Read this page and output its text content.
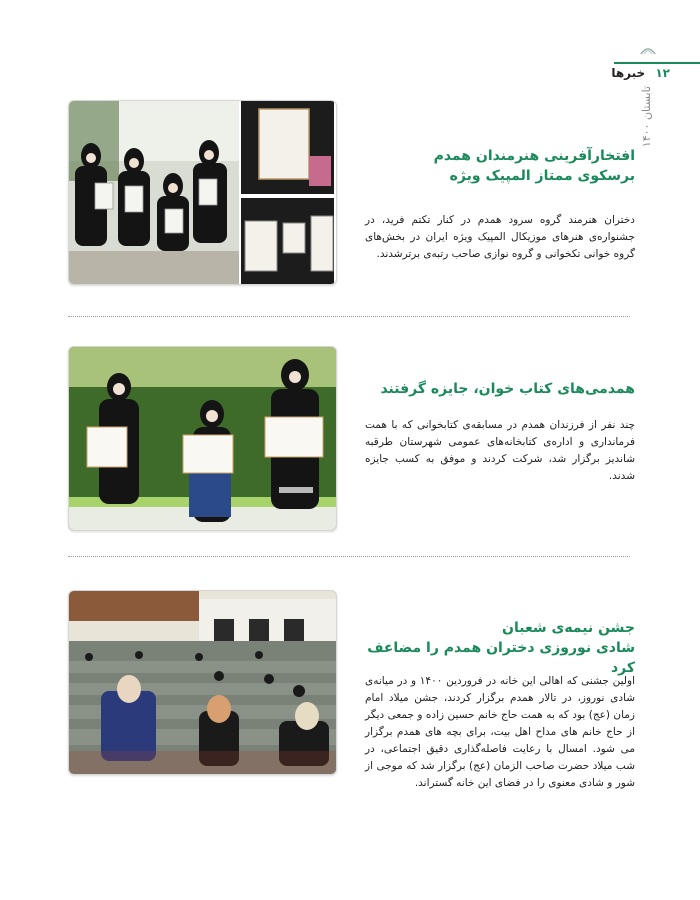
۱۲ خبرها
تابستان ۱۴۰۰
افتخارآفرینی هنرمندان همدم
برسکوی ممتاز المپیک ویژه
دختران هنرمند گروه سرود همدم در کنار تکتم فرید، در جشنواره‌ی هنرهای موزیکال المپیک ویژه ایران در بخش‌های گروه خوانی تکخوانی و گروه نوازی صاحب رتبه‌ی برترشدند.
همدمی‌های کتاب خوان، جایزه گرفتند
چند نفر از فرزندان همدم در مسابقه‌ی کتابخوانی که با همت فرمانداری و اداره‌ی کتابخانه‌های عمومی شهرستان طرقبه شاندیز برگزار شد، شرکت کردند و موفق به کسب جایزه شدند.
جشن نیمه‌ی شعبان
شادی نوروزی دختران همدم را مضاعف کرد
اولین جشنی که اهالی این خانه در فروردین ۱۴۰۰ و در میانه‌ی شادی نوروز، در تالار همدم برگزار کردند، جشن میلاد امام زمان (عج) بود که به همت حاج خانم حسین زاده و جمعی دیگر از حاج خانم های مداح اهل بیت، برای بچه های همدم برگزار می شود. امسال با رعایت فاصله‌گذاری دقیق اجتماعی، در شب میلاد حضرت صاحب الزمان (عج) برگزار شد که موجی از شور و شادی معنوی را در فضای این خانه گستراند.
